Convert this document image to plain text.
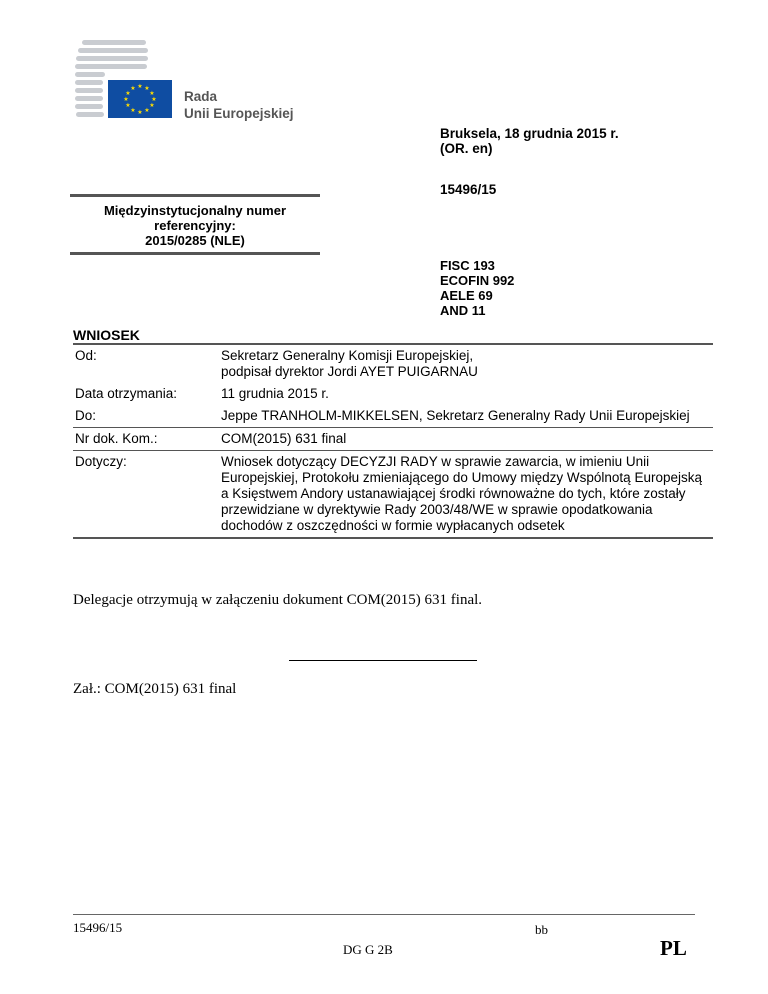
★ ★
★
★
★
★
★
★
★
★
★
★
Rada
Unii Europejskiej
Bruksela, 18 grudnia 2015 r.
(OR. en)
15496/15
Międzyinstytucjonalny numer
referencyjny:
2015/0285 (NLE)
FISC 193
ECOFIN 992
AELE 69
AND 11
WNIOSEK
Od:	Sekretarz Generalny Komisji Europejskiej,
podpisał dyrektor Jordi AYET PUIGARNAU

Data otrzymania:	11 grudnia 2015 r.
Do:	Jeppe TRANHOLM-MIKKELSEN, Sekretarz Generalny Rady Unii Europejskiej
Nr dok. Kom.:	COM(2015) 631 final
Dotyczy:	Wniosek dotyczący DECYZJI RADY w sprawie zawarcia, w imieniu Unii Europejskiej, Protokołu zmieniającego do Umowy między Wspólnotą Europejską a Księstwem Andory ustanawiającej środki równoważne do tych, które zostały przewidziane w dyrektywie Rady 2003/48/WE w sprawie opodatkowania dochodów z oszczędności w formie wypłacanych odsetek
Delegacje otrzymują w załączeniu dokument COM(2015) 631 final.
Zał.: COM(2015) 631 final
15496/15	bb
DG G 2B	PL
